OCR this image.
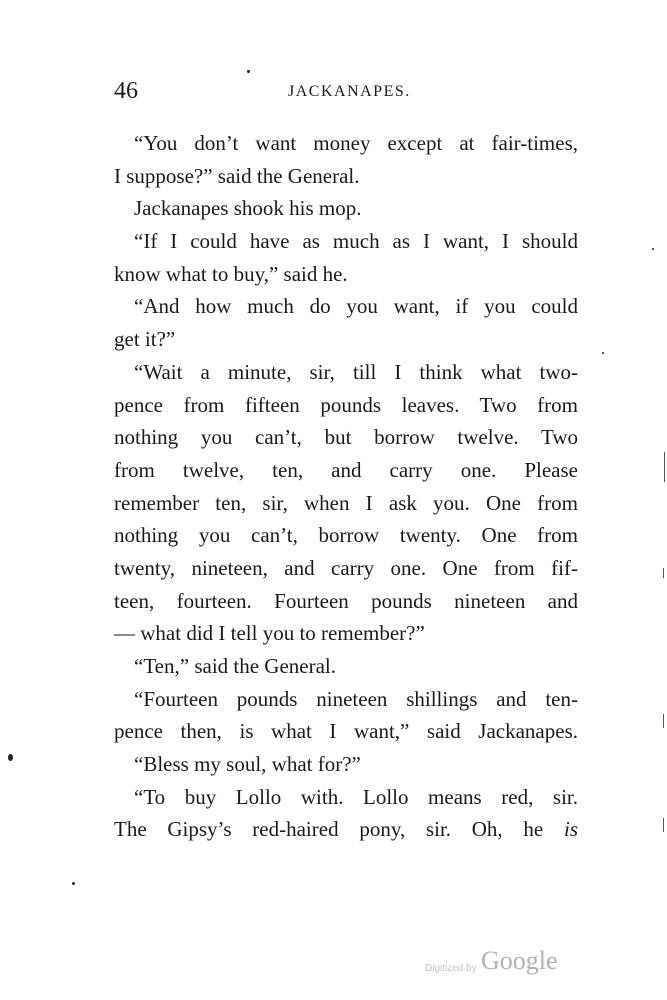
46	JACKANAPES.
“You don’t want money except at fair-times,
I suppose?” said the General.
Jackanapes shook his mop.
“If I could have as much as I want, I should
know what to buy,” said he.
“And how much do you want, if you could
get it?”
“Wait a minute, sir, till I think what two-
pence from fifteen pounds leaves. Two from
nothing you can’t, but borrow twelve. Two
from twelve, ten, and carry one. Please
remember ten, sir, when I ask you. One from
nothing you can’t, borrow twenty. One from
twenty, nineteen, and carry one. One from fif-
teen, fourteen. Fourteen pounds nineteen and
— what did I tell you to remember?”
“Ten,” said the General.
“Fourteen pounds nineteen shillings and ten-
pence then, is what I want,” said Jackanapes.
“Bless my soul, what for?”
“To buy Lollo with. Lollo means red, sir.
The Gipsy’s red-haired pony, sir. Oh, he is
Digitized by Google
